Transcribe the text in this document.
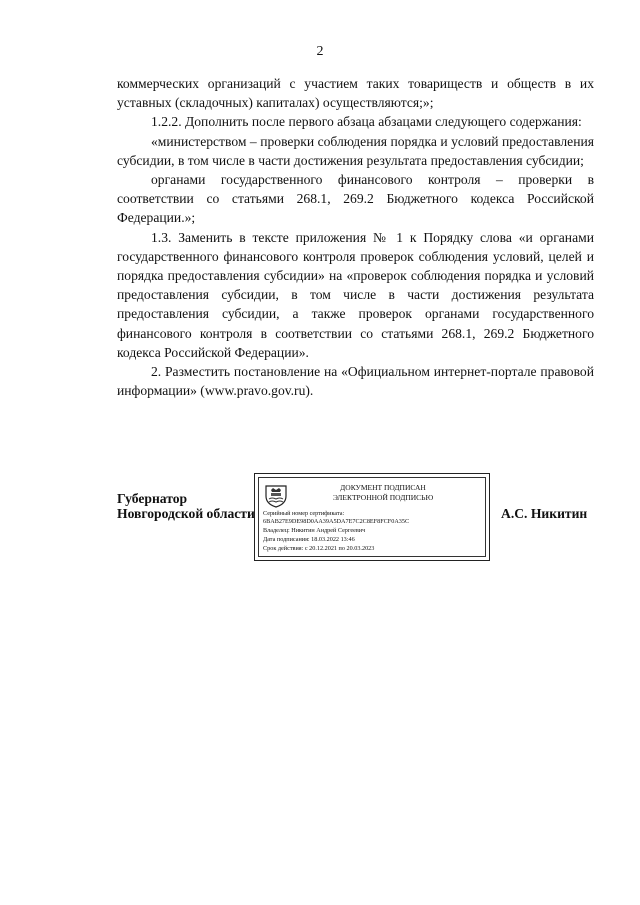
2

коммерческих организаций с участием таких товариществ и обществ в их уставных (складочных) капиталах) осуществляются;»;

1.2.2. Дополнить после первого абзаца абзацами следующего содержания:

«министерством – проверки соблюдения порядка и условий предоставления субсидии, в том числе в части достижения результата предоставления субсидии;

органами государственного финансового контроля – проверки в соответствии со статьями 268.1, 269.2 Бюджетного кодекса Российской Федерации.»;

1.3. Заменить в тексте приложения № 1 к Порядку слова «и органами государственного финансового контроля проверок соблюдения условий, целей и порядка предоставления субсидии» на «проверок соблюдения порядка и условий предоставления субсидии, в том числе в части достижения результата предоставления субсидии, а также проверок органами государственного финансового контроля в соответствии со статьями 268.1, 269.2 Бюджетного кодекса Российской Федерации».

2. Разместить постановление на «Официальном интернет-портале правовой информации» (www.pravo.gov.ru).

Губернатор
Новгородской области
ДОКУМЕНТ ПОДПИСАН
ЭЛЕКТРОННОЙ ПОДПИСЬЮ
Серийный номер сертификата:
6BAB27E9DE98D0AA39A5DA7E7C2C8EF8FCF0A35C
Владелец: Никитин Андрей Сергеевич
Дата подписания: 18.03.2022 13:46
Срок действия: с 20.12.2021 по 20.03.2023
А.С. Никитин
